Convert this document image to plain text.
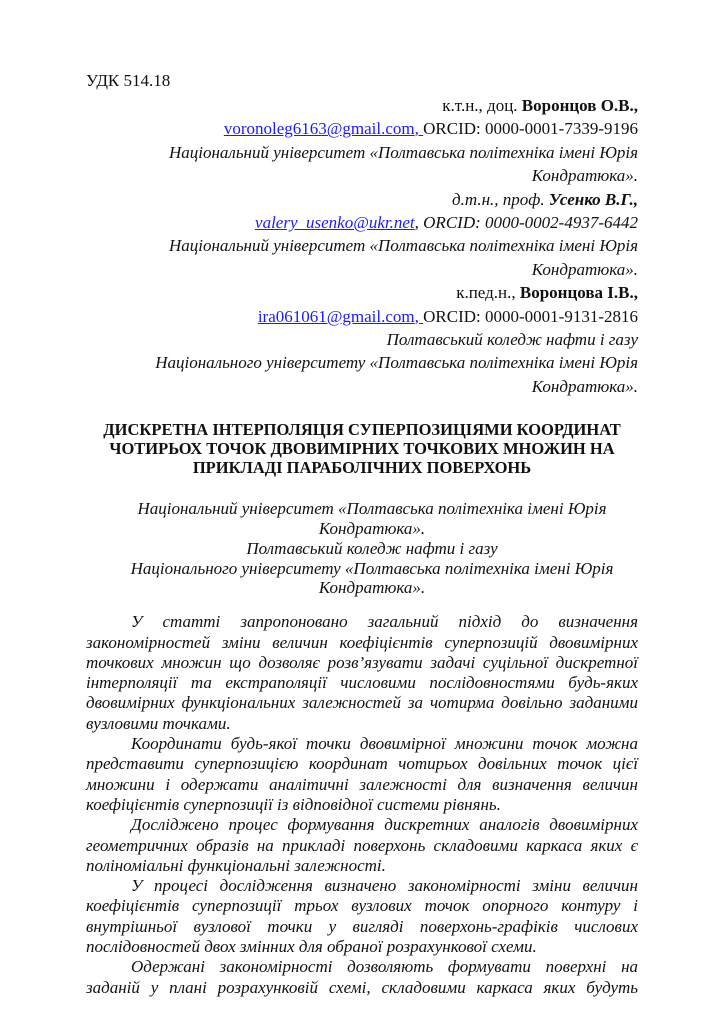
УДК 514.18
к.т.н., доц. Воронцов О.В.,
voronoleg6163@gmail.com, ORCID: 0000-0001-7339-9196
Національний університет «Полтавська політехніка імені Юрія
Кондратюка».
д.т.н., проф. Усенко В.Г.,
valery_usenko@ukr.net, ORCID: 0000-0002-4937-6442
Національний університет «Полтавська політехніка імені Юрія
Кондратюка».
к.пед.н., Воронцова І.В.,
ira061061@gmail.com, ORCID: 0000-0001-9131-2816
Полтавський коледж нафти і газу
Національного університету «Полтавська політехніка імені Юрія
Кондратюка».
ДИСКРЕТНА ІНТЕРПОЛЯЦІЯ СУПЕРПОЗИЦІЯМИ КООРДИНАТ
ЧОТИРЬОХ ТОЧОК ДВОВИМІРНИХ ТОЧКОВИХ МНОЖИН НА
ПРИКЛАДІ ПАРАБОЛІЧНИХ ПОВЕРХОНЬ
Національний університет «Полтавська політехніка імені Юрія
Кондратюка».
Полтавський коледж нафти і газу
Національного університету «Полтавська політехніка імені Юрія
Кондратюка».

У статті запропоновано загальний підхід до визначення закономірностей зміни величин коефіцієнтів суперпозицій двовимірних точкових множин що дозволяє розв’язувати задачі суцільної дискретної інтерполяції та екстраполяції числовими послідовностями будь-яких двовимірних функціональних залежностей за чотирма довільно заданими вузловими точками.

Координати будь-якої точки двовимірної множини точок можна представити суперпозицією координат чотирьох довільних точок цієї множини і одержати аналітичні залежності для визначення величин коефіцієнтів суперпозиції із відповідної системи рівнянь.

Досліджено процес формування дискретних аналогів двовимірних геометричних образів на прикладі поверхонь складовими каркаса яких є поліноміальні функціональні залежності.

У процесі дослідження визначено закономірності зміни величин коефіцієнтів суперпозиції трьох вузлових точок опорного контуру і внутрішньої вузлової точки у вигляді поверхонь-графіків числових послідовностей двох змінних для обраної розрахункової схеми.

Одержані закономірності дозволяють формувати поверхні на заданій у плані розрахунковій схемі, складовими каркаса яких будуть
